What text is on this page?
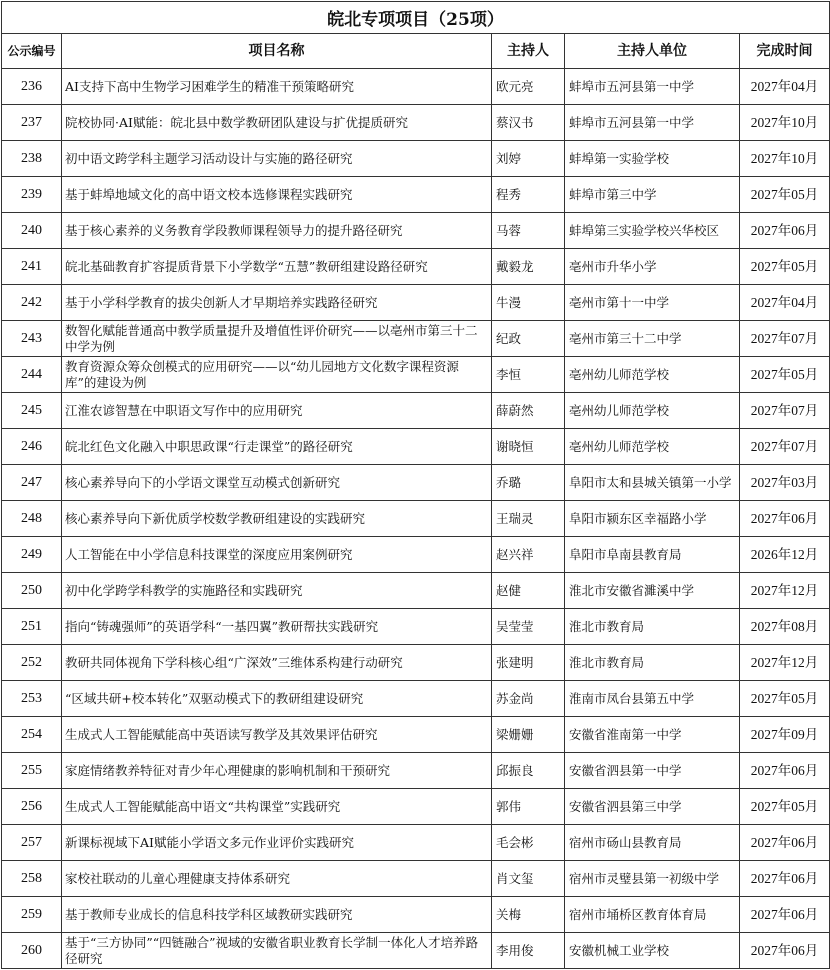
皖北专项项目（25项）				
公示编号	项目名称	主持人	主持人单位	完成时间
236	AI支持下高中生物学习困难学生的精准干预策略研究	欧元亮	蚌埠市五河县第一中学	2027年04月
237	院校协同·AI赋能：皖北县中数学教研团队建设与扩优提质研究	蔡汉书	蚌埠市五河县第一中学	2027年10月
238	初中语文跨学科主题学习活动设计与实施的路径研究	刘婷	蚌埠第一实验学校	2027年10月
239	基于蚌埠地域文化的高中语文校本选修课程实践研究	程秀	蚌埠市第三中学	2027年05月
240	基于核心素养的义务教育学段教师课程领导力的提升路径研究	马蓉	蚌埠第三实验学校兴华校区	2027年06月
241	皖北基础教育扩容提质背景下小学数学“五慧”教研组建设路径研究	戴毅龙	亳州市升华小学	2027年05月
242	基于小学科学教育的拔尖创新人才早期培养实践路径研究	牛漫	亳州市第十一中学	2027年04月
243	数智化赋能普通高中教学质量提升及增值性评价研究——以亳州市第三十二中学为例	纪政	亳州市第三十二中学	2027年07月
244	教育资源众筹众创模式的应用研究——以“幼儿园地方文化数字课程资源库”的建设为例	李恒	亳州幼儿师范学校	2027年05月
245	江淮农谚智慧在中职语文写作中的应用研究	薛蔚然	亳州幼儿师范学校	2027年07月
246	皖北红色文化融入中职思政课“行走课堂”的路径研究	谢晓恒	亳州幼儿师范学校	2027年07月
247	核心素养导向下的小学语文课堂互动模式创新研究	乔璐	阜阳市太和县城关镇第一小学	2027年03月
248	核心素养导向下新优质学校数学教研组建设的实践研究	王瑞灵	阜阳市颍东区幸福路小学	2027年06月
249	人工智能在中小学信息科技课堂的深度应用案例研究	赵兴祥	阜阳市阜南县教育局	2026年12月
250	初中化学跨学科教学的实施路径和实践研究	赵健	淮北市安徽省濉溪中学	2027年12月
251	指向“铸魂强师”的英语学科“一基四翼”教研帮扶实践研究	吴莹莹	淮北市教育局	2027年08月
252	教研共同体视角下学科核心组“广深效”三维体系构建行动研究	张建明	淮北市教育局	2027年12月
253	“区域共研+校本转化”双驱动模式下的教研组建设研究	苏金尚	淮南市凤台县第五中学	2027年05月
254	生成式人工智能赋能高中英语读写教学及其效果评估研究	梁姗姗	安徽省淮南第一中学	2027年09月
255	家庭情绪教养特征对青少年心理健康的影响机制和干预研究	邱振良	安徽省泗县第一中学	2027年06月
256	生成式人工智能赋能高中语文“共构课堂”实践研究	郭伟	安徽省泗县第三中学	2027年05月
257	新课标视域下AI赋能小学语文多元作业评价实践研究	毛会彬	宿州市砀山县教育局	2027年06月
258	家校社联动的儿童心理健康支持体系研究	肖文玺	宿州市灵璧县第一初级中学	2027年06月
259	基于教师专业成长的信息科技学科区域教研实践研究	关梅	宿州市埇桥区教育体育局	2027年06月
260	基于“三方协同”“四链融合”视域的安徽省职业教育长学制一体化人才培养路径研究	李用俊	安徽机械工业学校	2027年06月
